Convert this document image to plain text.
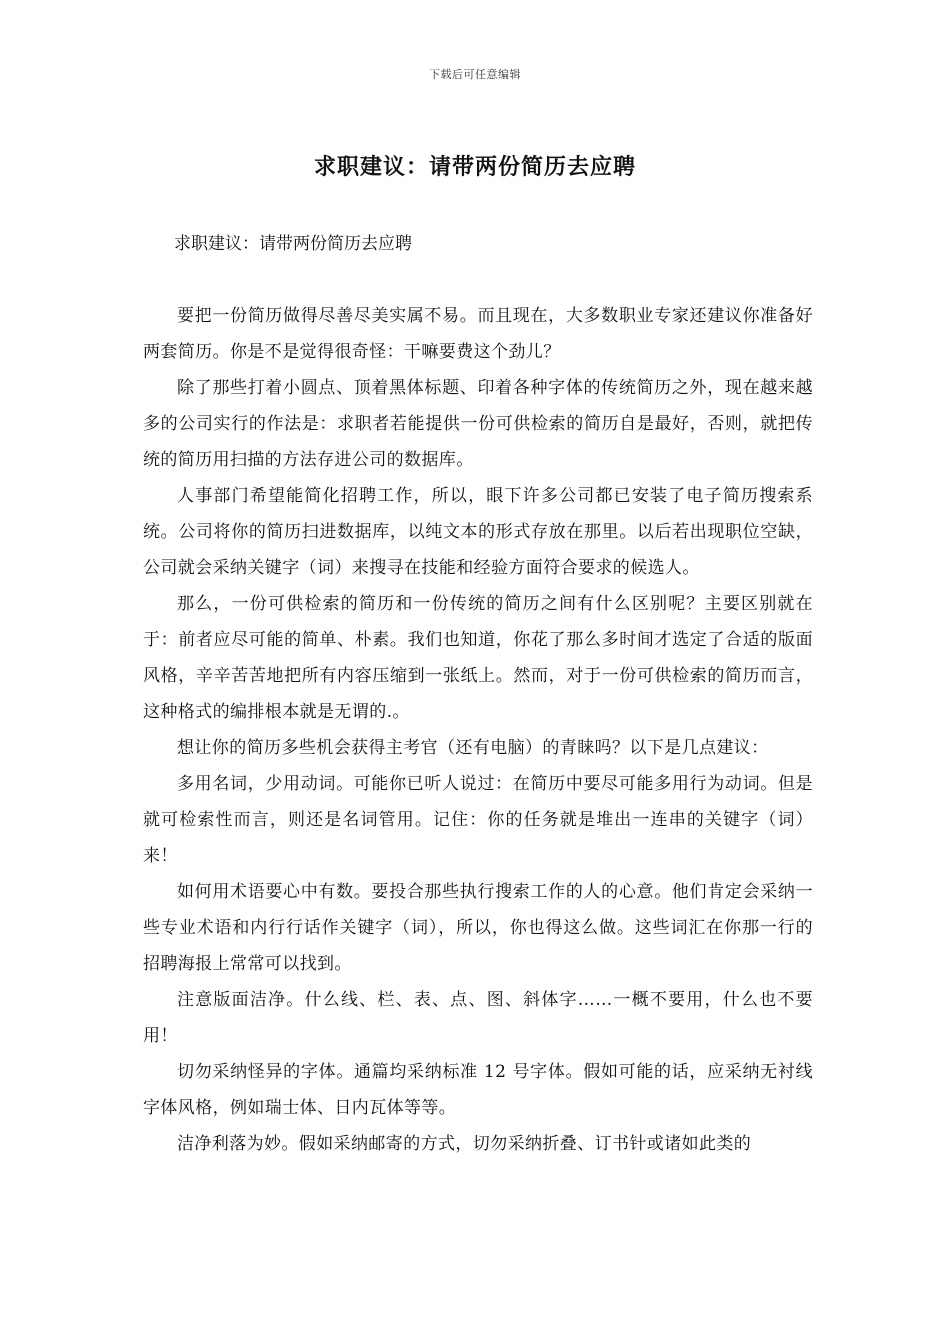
下载后可任意编辑
求职建议：请带两份简历去应聘
求职建议：请带两份简历去应聘

要把一份简历做得尽善尽美实属不易。而且现在，大多数职业专家还建议你准备好两套简历。你是不是觉得很奇怪：干嘛要费这个劲儿？

除了那些打着小圆点、顶着黑体标题、印着各种字体的传统简历之外，现在越来越多的公司实行的作法是：求职者若能提供一份可供检索的简历自是最好，否则，就把传统的简历用扫描的方法存进公司的数据库。

人事部门希望能简化招聘工作，所以，眼下许多公司都已安装了电子简历搜索系统。公司将你的简历扫进数据库，以纯文本的形式存放在那里。以后若出现职位空缺，公司就会采纳关键字（词）来搜寻在技能和经验方面符合要求的候选人。

那么，一份可供检索的简历和一份传统的简历之间有什么区别呢？主要区别就在于：前者应尽可能的简单、朴素。我们也知道，你花了那么多时间才选定了合适的版面风格，辛辛苦苦地把所有内容压缩到一张纸上。然而，对于一份可供检索的简历而言，这种格式的编排根本就是无谓的.。

想让你的简历多些机会获得主考官（还有电脑）的青睐吗？以下是几点建议：

多用名词，少用动词。可能你已听人说过：在简历中要尽可能多用行为动词。但是就可检索性而言，则还是名词管用。记住：你的任务就是堆出一连串的关键字（词）来！

如何用术语要心中有数。要投合那些执行搜索工作的人的心意。他们肯定会采纳一些专业术语和内行行话作关键字（词），所以，你也得这么做。这些词汇在你那一行的招聘海报上常常可以找到。

注意版面洁净。什么线、栏、表、点、图、斜体字……一概不要用，什么也不要用！

切勿采纳怪异的字体。通篇均采纳标准 12 号字体。假如可能的话，应采纳无衬线字体风格，例如瑞士体、日内瓦体等等。

洁净利落为妙。假如采纳邮寄的方式，切勿采纳折叠、订书针或诸如此类的
